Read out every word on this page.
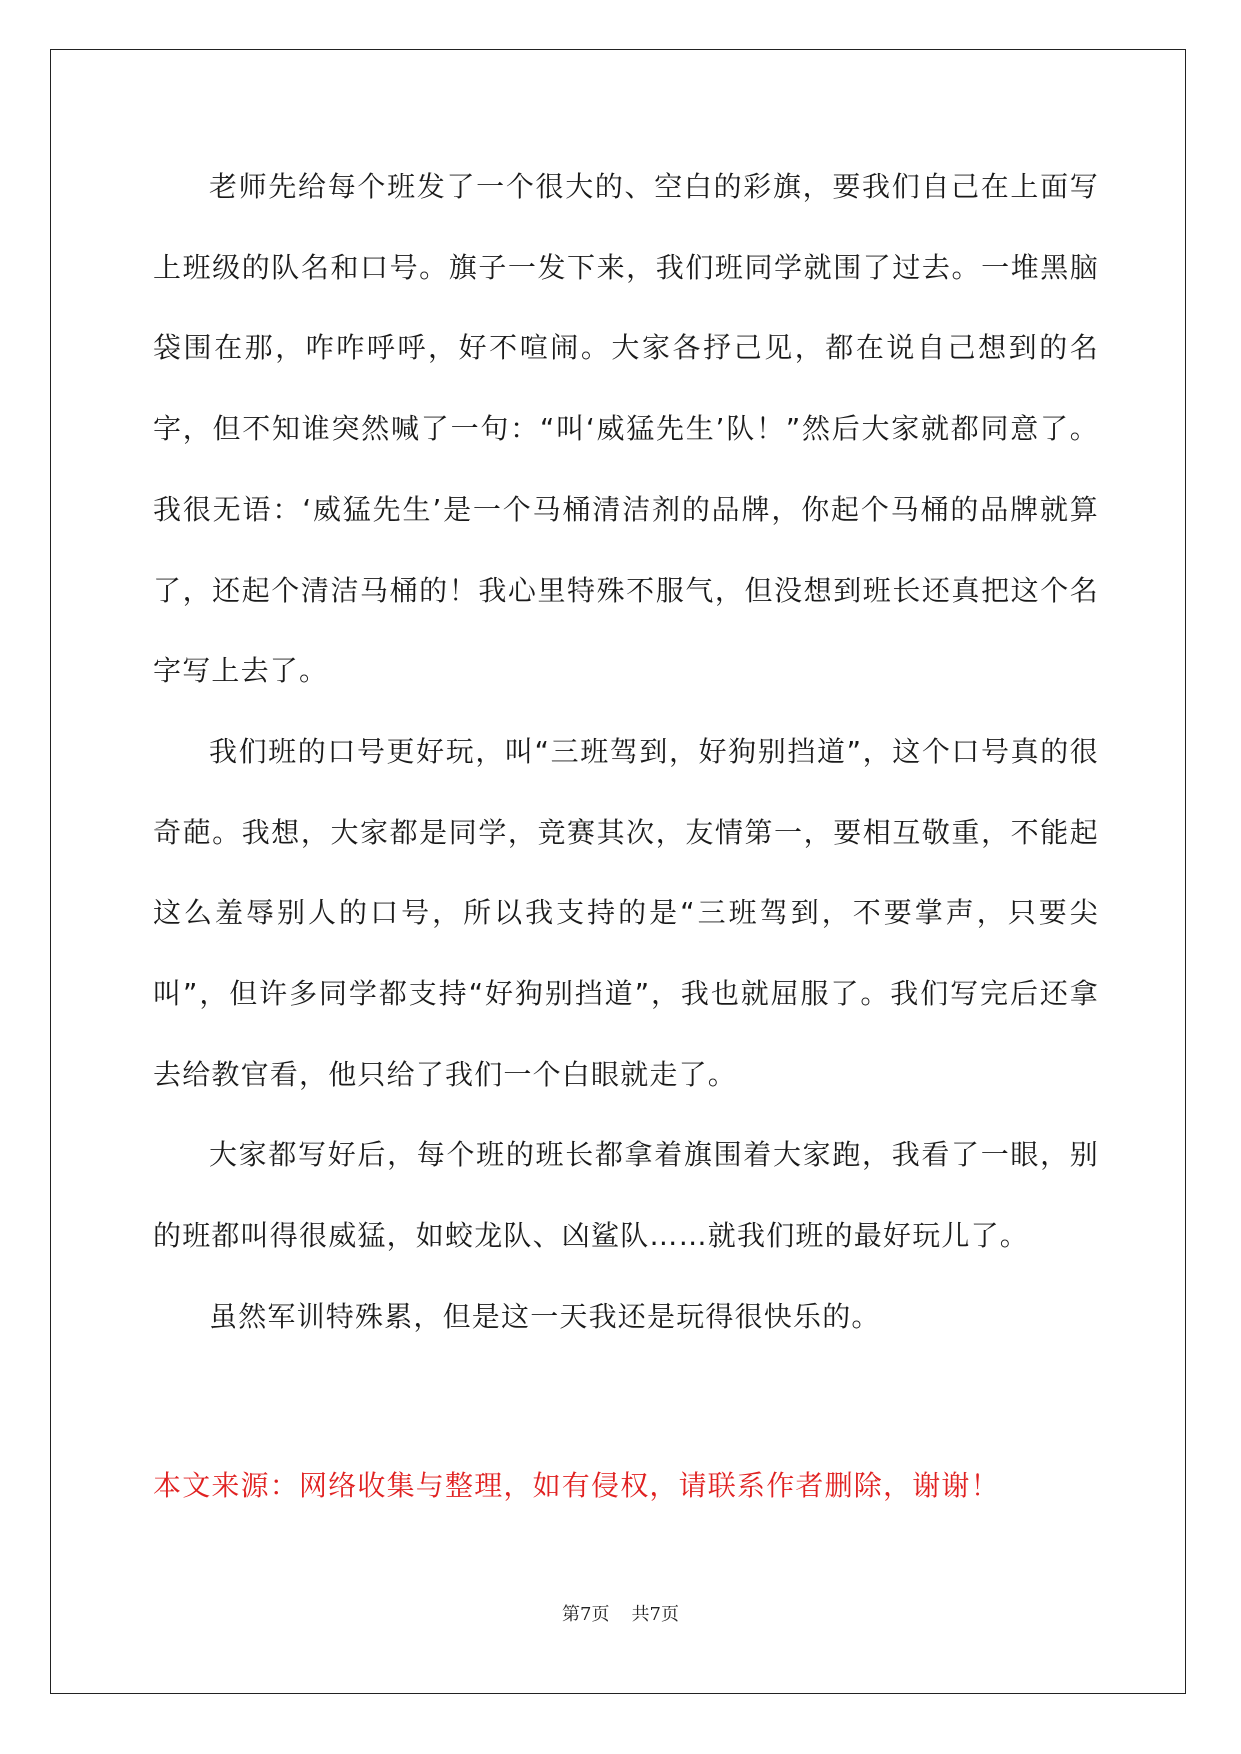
老师先给每个班发了一个很大的、空白的彩旗，要我们自己在上面写上班级的队名和口号。旗子一发下来，我们班同学就围了过去。一堆黑脑袋围在那，咋咋呼呼，好不喧闹。大家各抒己见，都在说自己想到的名字，但不知谁突然喊了一句：“叫‘威猛先生’队！”然后大家就都同意了。我很无语：‘威猛先生’是一个马桶清洁剂的品牌，你起个马桶的品牌就算了，还起个清洁马桶的！我心里特殊不服气，但没想到班长还真把这个名字写上去了。

我们班的口号更好玩，叫“三班驾到，好狗别挡道”，这个口号真的很奇葩。我想，大家都是同学，竞赛其次，友情第一，要相互敬重，不能起这么羞辱别人的口号，所以我支持的是“三班驾到，不要掌声，只要尖叫”，但许多同学都支持“好狗别挡道”，我也就屈服了。我们写完后还拿去给教官看，他只给了我们一个白眼就走了。

大家都写好后，每个班的班长都拿着旗围着大家跑，我看了一眼，别的班都叫得很威猛，如蛟龙队、凶鲨队……就我们班的最好玩儿了。

虽然军训特殊累，但是这一天我还是玩得很快乐的。

本文来源：网络收集与整理，如有侵权，请联系作者删除，谢谢！

第7页 共7页
